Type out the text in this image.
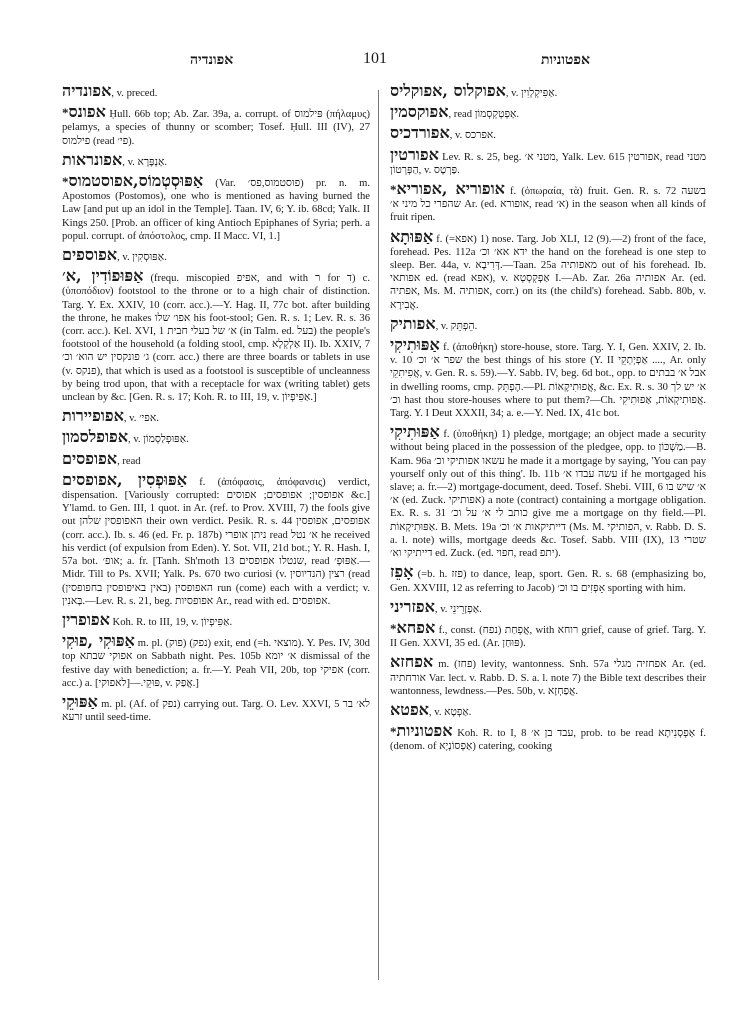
אפונדיה	101	אפטוניות

אפונדיה, v. preced.

*אפונס Ḥull. 66b top; Ab. Zar. 39a, a. corrupt. of פּילמוס (πήλαμυς) pelamys, a species of thunny or scomber; Tosef. Ḥull. III (IV), 27 פילמוס (read פי׳).

אפונראות, v. אַנְפָּרָא.

*אַפּוּסְטְמוֹס,אפוסטמוס (Var. פוסטמוס,פס׳) pr. n. m. Apostomos (Postomos), one who is mentioned as having burned the Law [and put up an idol in the Temple]. Taan. IV, 6; Y. ib. 68cd; Yalk. II Kings 250. [Prob. an officer of king Antioch Epiphanes of Syria; perh. a popul. corrupt. of ἀπόστολος, cmp. II Macc. VI, 1.]

אפוספים, v. אַפּוּסְקִין.

אַפּוּפוֹדִין ,א׳ (frequ. miscopied אפיפ, and with ר for ד) c. (ὑποπόδιον) footstool to the throne or to a high chair of distinction. Targ. Y. Ex. XXIV, 10 (corr. acc.).—Y. Hag. II, 77c bot. after building the throne, he makes אפו׳ שלו his foot-stool; Gen. R. s. 1; Lev. R. s. 36 (corr. acc.). Kel. XVI, 1 א׳ של בעלי חבית (in Talm. ed. בעל) the people's footstool of the household (a folding stool, cmp. אַלְקְלָא II). Ib. XXIV, 7 ג׳ פונקסין יש הוא׳ וכ׳ (corr. acc.) there are three boards or tablets in use (v. פנקס), that which is used as a footstool is susceptible of uncleanness by being trod upon, that with a receptacle for wax (writing tablet) gets unclean by &c. [Gen. R. s. 17; Koh. R. to III, 19, v. אַפִּיפְיוֹן.]

אפופיירות, v. אפי׳.

אפופלסמון, v. אַפּוּפְלַסְמוֹן.

אפופסים, read

אַפּוּפְסִין ,אפופסים f. (ἀπόφασις, ἀπόφανσις) verdict, dispensation. [Variously corrupted: אפופסין; אפופסים; אפוסים &c.] Y'lamd. to Gen. III, 1 quot. in Ar. (ref. to Prov. XVIII, 7) the fools give out האפופסין שלהן their own verdict. Pesik. R. s. 44 אפופסים, אפופסין (corr. acc.). Ib. s. 46 (ed. Fr. p. 187b) ניתן אופרי read א׳ נטל he received his verdict (of expulsion from Eden). Y. Sot. VII, 21d bot.; Y. R. Hash. I, 57a bot. אופ׳; a. fr. [Tanh. Sh'moth 13 שנטלו אפופסים, read אַפּוּפְ׳.—Midr. Till to Ps. XVII; Yalk. Ps. 670 two curiosi (v. הנדיוסין) רצין (read האפופסין (באין באיפופסין בחפופסין) run (come) each with a verdict; v. בָּאנִין.—Lev. R. s. 21, beg. אפופסיות Ar., read with ed. אפופסים.

אפופרין Koh. R. to III, 19, v. אַפִּיפְיוֹן.

אַפּוּקִי ,פוּקִי m. pl. (פוק) (נפק) exit, end (=h. מוצאי). Y. Pes. IV, 30d top אפוקי שבתא on Sabbath night. Pes. 105b א׳ יומא dismissal of the festive day with benediction; a. fr.—Y. Peah VII, 20b, top אפיקי (corr. acc.) a. פּוּקֵי.—[לאפוקי], v. אֲפַק.]

אַפּוּקֵי m. pl. (Af. of נפק) carrying out. Targ. O. Lev. XXVI, 5 לא׳ בר זרעא until seed-time.

אפוקלוס ,אפוקליס, v. אַפִּיקְלְוִין.

אפוקסמין, read אַפְטְקְסְמוֹן.

אפורדכיס, v. אפרכס.

אפורטין Lev. R. s. 25, beg. מטני א׳, Yalk. Lev. 615 אפורטין, read מטני הַפְּרְטוֹן, v. פַּרְטָס.

*אופוריא ,אפוריא f. (ὀπωραία, τὰ) fruit. Gen. R. s. 72 בשעה שהפרי כל מיני א׳ Ar. (ed. אופורא, read א׳) in the season when all kinds of fruit ripen.

אַפּוּתָא f. (=אפא) 1) nose. Targ. Job XLI, 12 (9).—2) front of the face, forehead. Pes. 112a ידא אא׳ וכ׳ the hand on the forehead is one step to sleep. Ber. 44a, v. דְּרִיבָא.—Taan. 25a מאפותיה out of his forehead. Ib. אפותאי ed. (read אפא), v. אַפְקְסְטְא I.—Ab. Zar. 26a אפותיה Ar. (ed. אפתיה, Ms. M. אפותיה, corr.) on its (the child's) forehead. Sabb. 80b, v. אֲבִירָא.

אפותיק, v. הֵפְתֵּק.

אַפּוּתִיקִי f. (ἀποθήκη) store-house, store. Targ. Y. I, Gen. XXIV, 2. Ib. v. 10 שפר א׳ וכ׳ the best things of his store (Y. II אַפְיְתְקֵי ...., Ar. only אֲפִיתִקֵי, v. Gen. R. s. 59).—Y. Sabb. IV, beg. 6d bot., opp. to אבל א׳ בבתים in dwelling rooms, cmp. הֶפְתֵּק.—Pl. אֲפוּתִיקָאוֹת, &c. Ex. R. s. 30 א׳ יש לך וכ׳ hast thou store-houses where to put them?—Ch. אֲפוּתִיקְאוֹת, אַפוּתִיקִי. Targ. Y. I Deut XXXII, 34; a. e.—Y. Ned. IX, 41c bot.

אַפּוּתִיקִי f. (ὑποθήκη) 1) pledge, mortgage; an object made a security without being placed in the possession of the pledgee, opp. to מַשְׁכּוֹן.—B. Kam. 96a עשאו אפותיקי וכ׳ he made it a mortgage by saying, 'You can pay yourself only out of this thing'. Ib. 11b עשה עבדו א׳ if he mortgaged his slave; a. fr.—2) mortgage-document, deed. Tosef. Shebi. VIII, 6 א׳ שיש בו א׳ (ed. Zuck. אפותיקי) a note (contract) containing a mortgage obligation. Ex. R. s. 31 כותב לי א׳ על וכ׳ give me a mortgage on thy field.—Pl. אַפּוּתִיקָאוֹת. B. Mets. 19a דייתיקאות א׳ וכ׳ (Ms. M. הפותיקי, v. Rabb. D. S. a. l. note) wills, mortgage deeds &c. Tosef. Sabb. VIII (IX), 13 שטרי דייתיקי וא׳ ed. Zuck. (ed. חפוי, read יתפ).

אָפֵז (=b. h. פזז) to dance, leap, sport. Gen. R. s. 68 (emphasizing bo, Gen. XXVIII, 12 as referring to Jacob) אָפְזִים בו וכ׳ sporting with him.

אפזריני, v. אַפְזָרֵינֵי.

*אפחא f., const. אֲפְחַת (נפח), with רוחא grief, cause of grief. Targ. Y. II Gen. XXVI, 35 ed. (Ar. פּוּחַן).

אפחזא m. (פחז) levity, wantonness. Snh. 57a אפחזיה מגלי Ar. (ed. אורחתיה Var. lect. v. Rabb. D. S. a. l. note 7) the Bible text describes their wantonness, lewdness.—Pes. 50b, v. אֲפַחְזָא.

אפטא, v. אַפְטָא.

*אפטוניות Koh. R. to I, 8 עבד בן א׳, prob. to be read אַפְסְנִיתָא f. (denom. of אַפְסוֹנְיָא) catering, cooking
